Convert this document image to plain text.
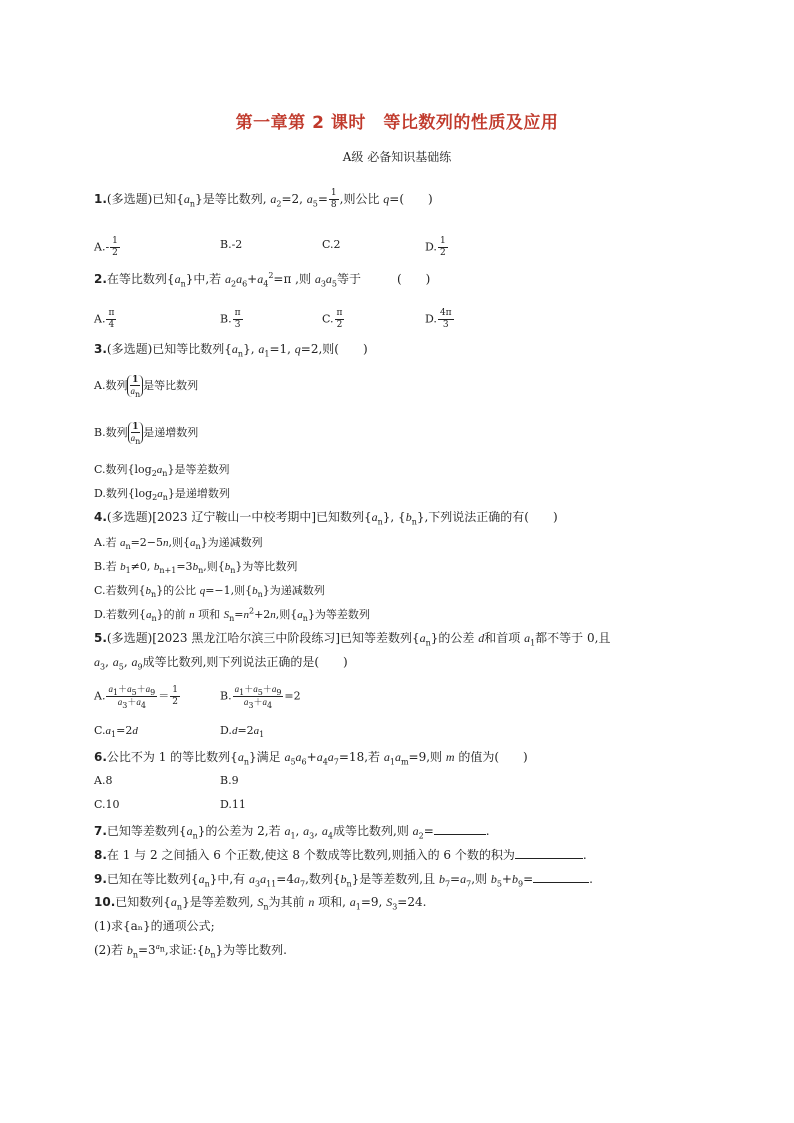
第一章第 2 课时　等比数列的性质及应用
A级 必备知识基础练
1.(多选题)已知$\{a_n\}$是等比数列, $a_2=2$, $a_5= \frac{1}{8}$ ,则公比 q=(　　)
$A.- \frac{1}{2}$	B.-2	C.2	D. $\frac{1}{2}$
2.在等比数列$\{a_n\}$中,若 $a_2a_6+a_4^2=\pi$ ,则 $a_3a_5$等于　　　(　　)
A. $\frac{\pi}{4}$	B. $\frac{\pi}{3}$	C. $\frac{\pi}{2}$	D. $\frac{4\pi}{3}$
3.(多选题)已知等比数列$\{a_n\}$, $a_1=1$, q=2,则(　　)
A.数列 $\frac{1}{a_n}$ 是等比数列
B.数列 $\frac{1}{a_n}$ 是递增数列
C.数列$\{\log_2a_n\}$是等差数列
D.数列$\{\log_2a_n\}$是递增数列
4.(多选题)[2023 辽宁鞍山一中校考期中]已知数列$\{a_n\}$, $\{b_n\}$,下列说法正确的有(　　)
A.若 $a_n=2-5n$,则$\{a_n\}$为递减数列
B.若 $b_1\ne 0$, $b_{n+1}=3b_n$,则$\{b_n\}$为等比数列
C.若数列$\{b_n\}$的公比 q=−1,则$\{b_n\}$为递减数列
D.若数列$\{a_n\}$的前 n 项和 $S_n=n^2+2n$,则$\{a_n\}$为等差数列
5.(多选题)[2023 黑龙江哈尔滨三中阶段练习]已知等差数列$\{a_n\}$的公差 d和首项 $a_1$都不等于 0,且
$a_3$, $a_5$, $a_9$成等比数列,则下列说法正确的是(　　)
A. $\frac{a_1+a_5+a_9}{a_3+a_4} = \frac{1}{2}$	B. $\frac{a_1+a_5+a_9}{a_3+a_4} =2$
$C.a_1=2d$	$D.d=2a_1$
6.公比不为 1 的等比数列$\{a_n\}$满足 $a_5a_6+a_4a_7=18$,若 $a_1a_m=9$,则 m 的值为(　　)
A.8	B.9
C.10	D.11
7.已知等差数列$\{a_n\}$的公差为 2,若 $a_1$, $a_3$, $a_4$成等比数列,则 $a_2=$	.
8.在 1 与 2 之间插入 6 个正数,使这 8 个数成等比数列,则插入的 6 个数的积为	.
9.已知在等比数列$\{a_n\}$中,有 $a_3a_{11}=4a_7$,数列$\{b_n\}$是等差数列,且 $b_7=a_7$,则 $b_5+b_9=$	.
10.已知数列$\{a_n\}$是等差数列, $S_n$为其前 n 项和, $a_1=9$, $S_3=24$.
(1)求{aₙ}的通项公式;
(2)若 $b_n=3^{a_n}$,求证$:\{b_n\}$为等比数列.
